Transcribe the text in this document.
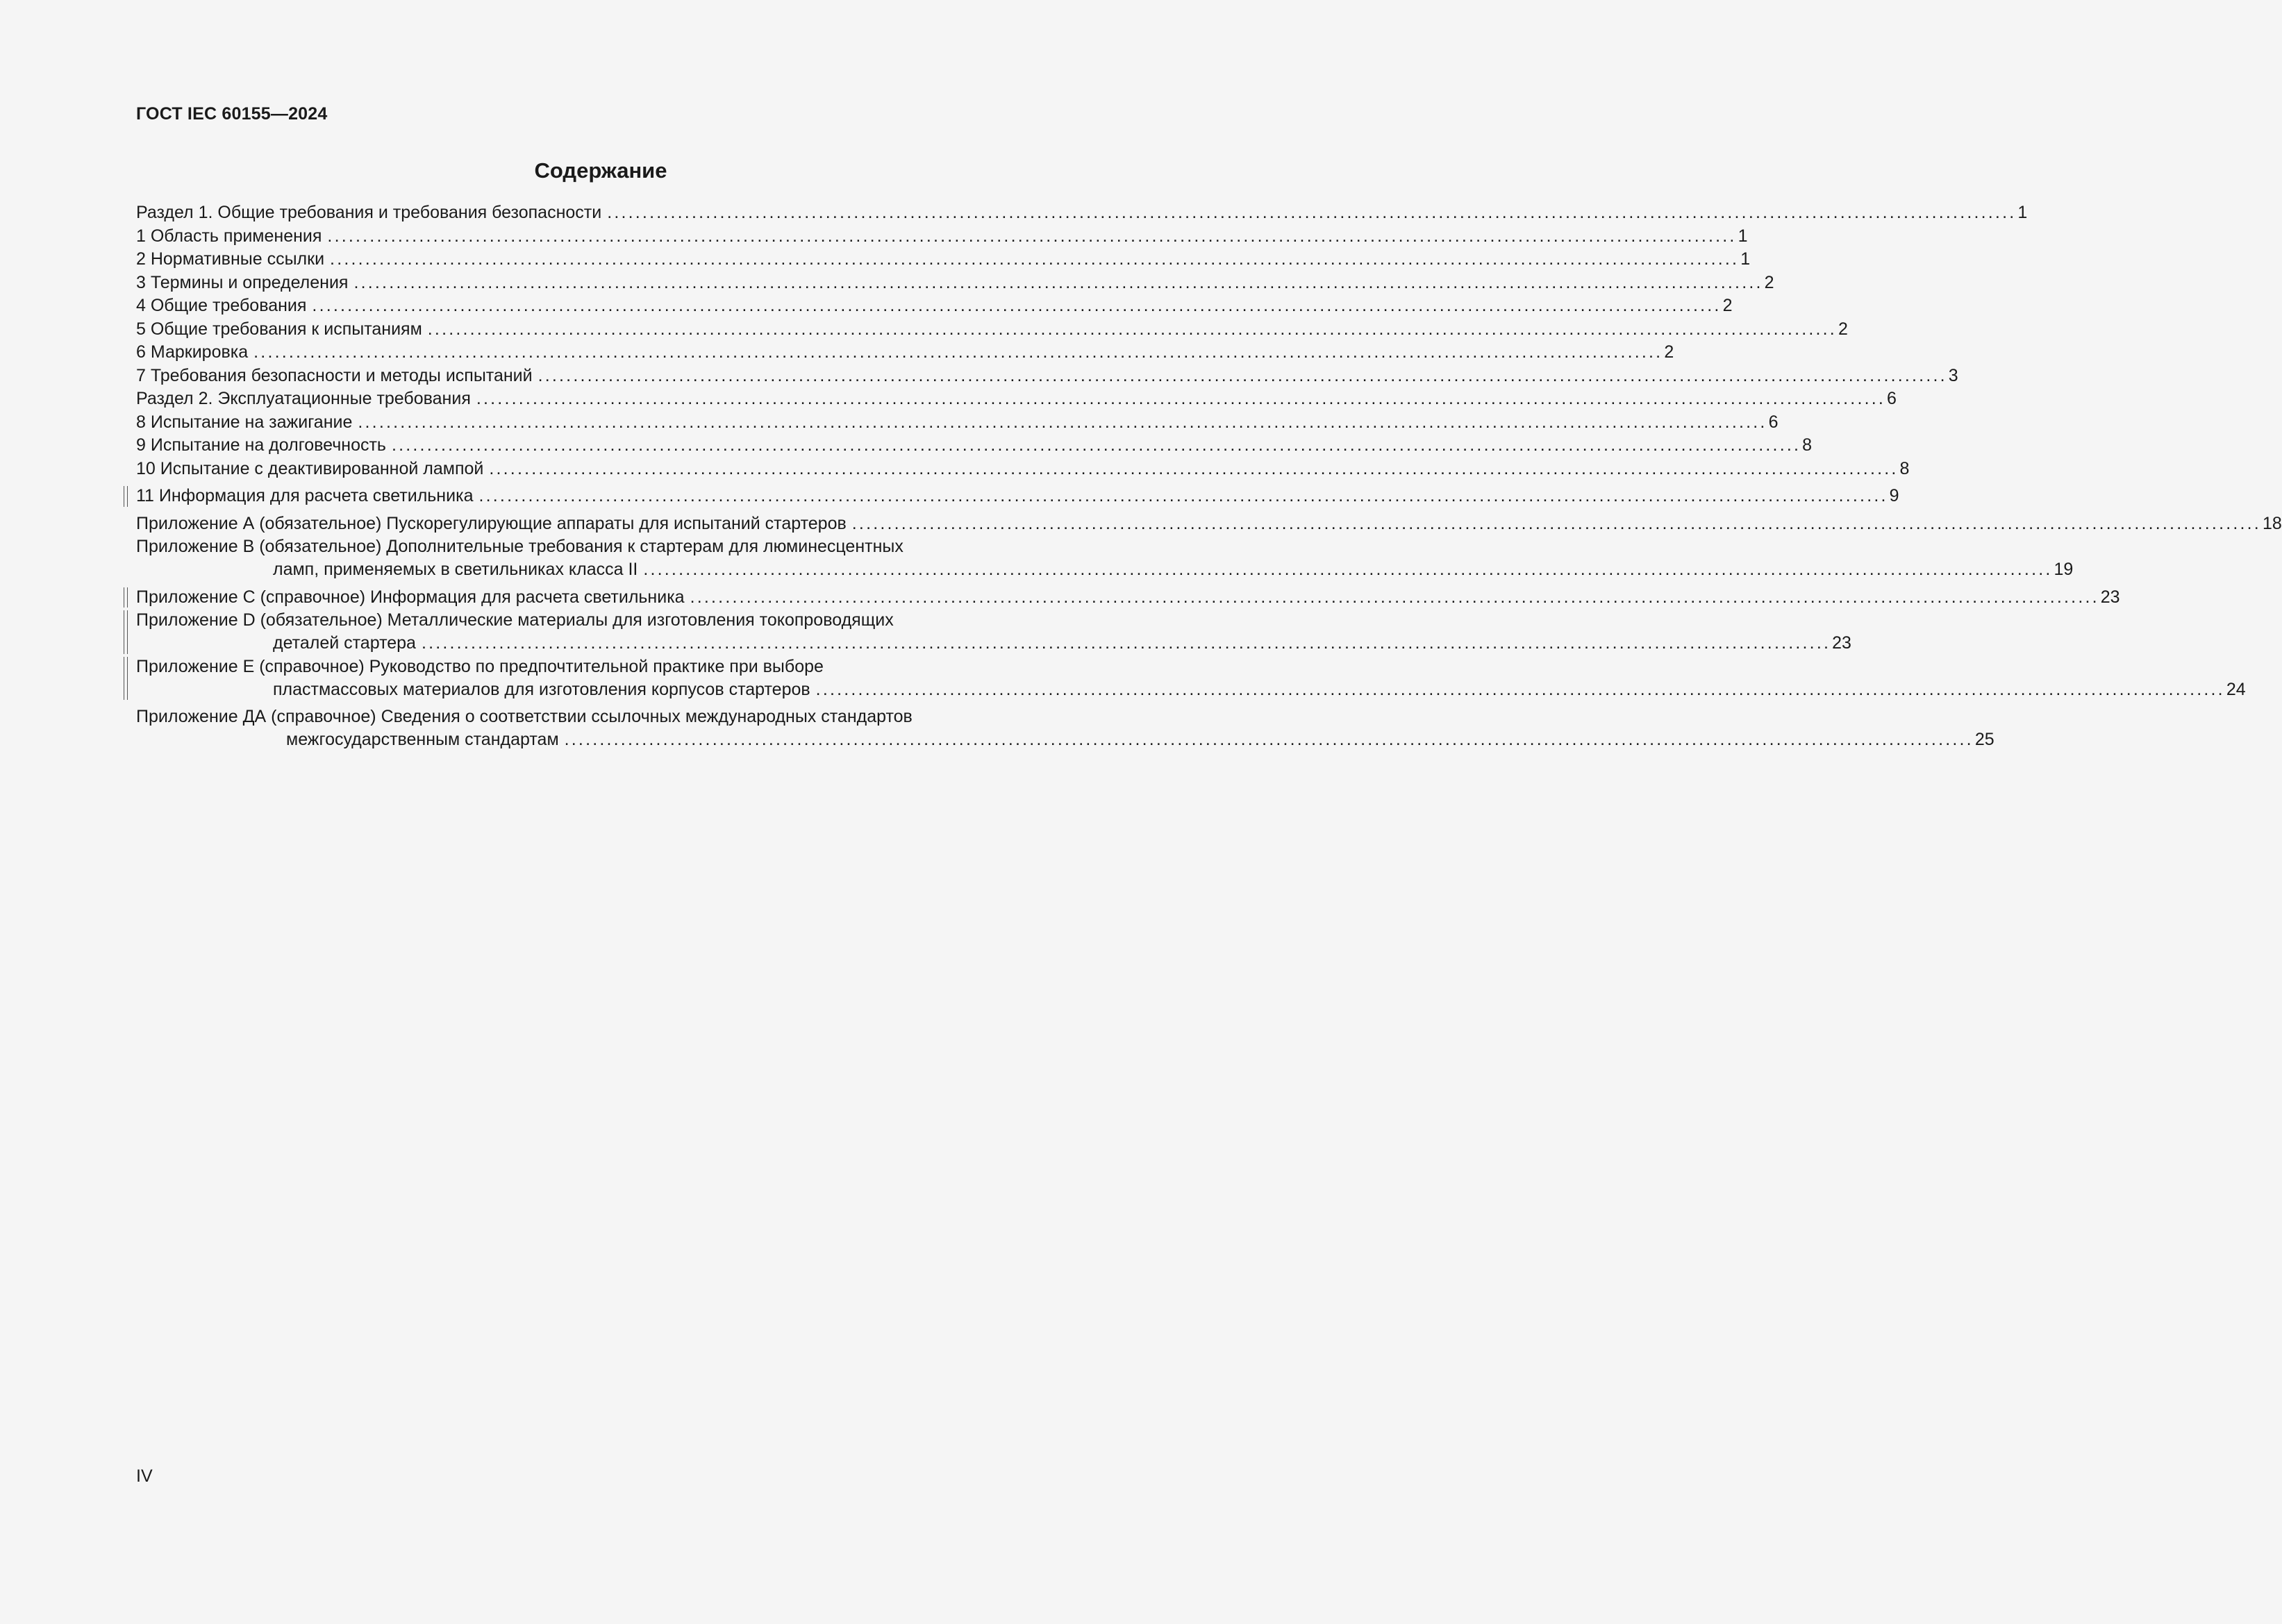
ГОСТ IEC 60155—2024
Содержание
Раздел 1. Общие требования и требования безопасности ........................................................................................................................................................................................................ 1
1 Область применения ........................................................................................................................................................................................................ 1
2 Нормативные ссылки ........................................................................................................................................................................................................ 1
3 Термины и определения ........................................................................................................................................................................................................ 2
4 Общие требования ........................................................................................................................................................................................................ 2
5 Общие требования к испытаниям ........................................................................................................................................................................................................ 2
6 Маркировка ........................................................................................................................................................................................................ 2
7 Требования безопасности и методы испытаний ........................................................................................................................................................................................................ 3
Раздел 2. Эксплуатационные требования ........................................................................................................................................................................................................ 6
8 Испытание на зажигание ........................................................................................................................................................................................................ 6
9 Испытание на долговечность ........................................................................................................................................................................................................ 8
10 Испытание с деактивированной лампой ........................................................................................................................................................................................................ 8
11 Информация для расчета светильника ........................................................................................................................................................................................................ 9
Приложение А (обязательное) Пускорегулирующие аппараты для испытаний стартеров ........................................................................................................................................................................................................ 18
Приложение В (обязательное) Дополнительные требования к стартерам для люминесцентных
ламп, применяемых в светильниках класса II ........................................................................................................................................................................................................ 19
Приложение С (справочное) Информация для расчета светильника ........................................................................................................................................................................................................ 23
Приложение D (обязательное) Металлические материалы для изготовления токопроводящих
деталей стартера ........................................................................................................................................................................................................ 23
Приложение Е (справочное) Руководство по предпочтительной практике при выборе
пластмассовых материалов для изготовления корпусов стартеров ........................................................................................................................................................................................................ 24
Приложение ДА (справочное) Сведения о соответствии ссылочных международных стандартов
межгосударственным стандартам ........................................................................................................................................................................................................ 25
IV
